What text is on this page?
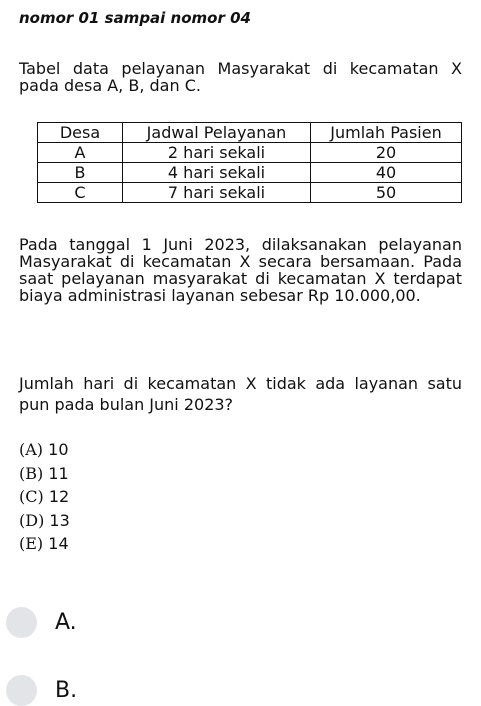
nomor 01 sampai nomor 04
Tabel data pelayanan Masyarakat di kecamatan X pada desa A, B, dan C.
Desa	Jadwal Pelayanan	Jumlah Pasien
A	2 hari sekali	20
B	4 hari sekali	40
C	7 hari sekali	50
Pada tanggal 1 Juni 2023, dilaksanakan pelayanan Masyarakat di kecamatan X secara bersamaan. Pada saat pelayanan masyarakat di kecamatan X terdapat biaya administrasi layanan sebesar Rp 10.000,00.
Jumlah hari di kecamatan X tidak ada layanan satu pun pada bulan Juni 2023?
(A) 10
(B) 11
(C) 12
(D) 13
(E) 14
A.
B.
